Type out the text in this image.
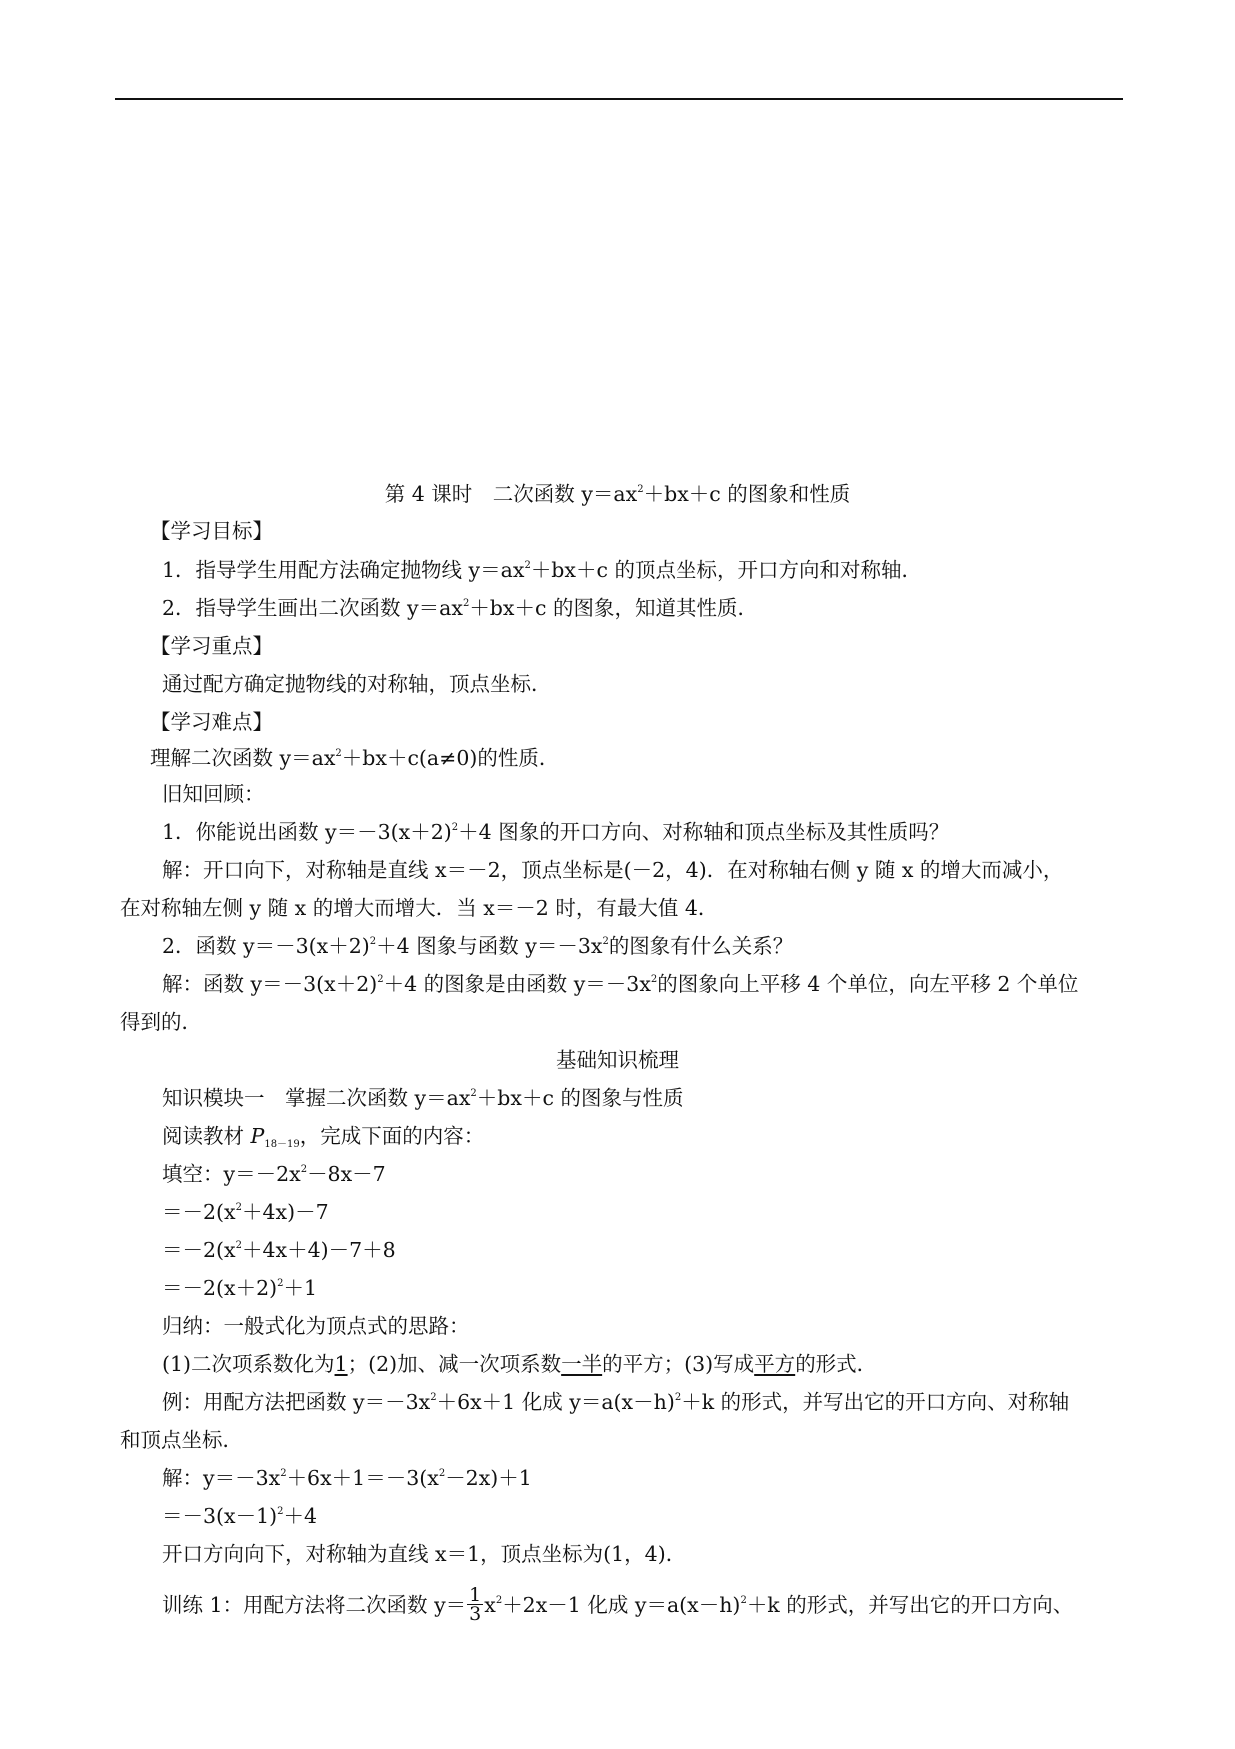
第 4 课时　二次函数 $y=ax^2+bx+c$ 的图象和性质
【学习目标】
1．指导学生用配方法确定抛物线 $y=ax^2+bx+c$ 的顶点坐标，开口方向和对称轴．
2．指导学生画出二次函数 $y=ax^2+bx+c$ 的图象，知道其性质．
【学习重点】
通过配方确定抛物线的对称轴，顶点坐标．
【学习难点】
理解二次函数 $y=ax^2+bx+c(a\ne 0)$的性质．
旧知回顾：
1．你能说出函数 $y=-3(x+2)^2+4$ 图象的开口方向、对称轴和顶点坐标及其性质吗？
解：开口向下，对称轴是直线 x＝－2，顶点坐标是(－2，4)．在对称轴右侧 y 随 x 的增大而减小，
在对称轴左侧 y 随 x 的增大而增大．当 x＝－2 时，有最大值 4．
2．函数 $y=-3(x+2)^2+4$ 图象与函数 $y=-3x^2$的图象有什么关系？
解：函数 $y=-3(x+2)^2+4$ 的图象是由函数 $y=-3x^2$的图象向上平移 4 个单位，向左平移 2 个单位
得到的．
基础知识梳理
知识模块一　掌握二次函数 $y=ax^2+bx+c$ 的图象与性质
阅读教材 $P_{18-19}$，完成下面的内容：
填空：$y=-2x^2-8x-7$
$=-2(x^2+4x)-7$
$=-2(x^2+4x+4)-7+8$
$=-2(x+2)^2+1$
归纳：一般式化为顶点式的思路：
(1)二次项系数化为1；(2)加、减一次项系数一半的平方；(3)写成平方的形式．
例：用配方法把函数 $y=-3x^2+6x+1$ 化成 $y=a(x-h)^2+k$ 的形式，并写出它的开口方向、对称轴
和顶点坐标．
解：$y=-3x^2+6x+1=-3(x^2-2x)+1$
$=-3(x-1)^2+4$
开口方向向下，对称轴为直线 x＝1，顶点坐标为(1，4)．
训练 1：用配方法将二次函数 $y= \frac{1}{3} x^2+2x-1$ 化成 $y=a(x-h)^2+k$ 的形式，并写出它的开口方向、
